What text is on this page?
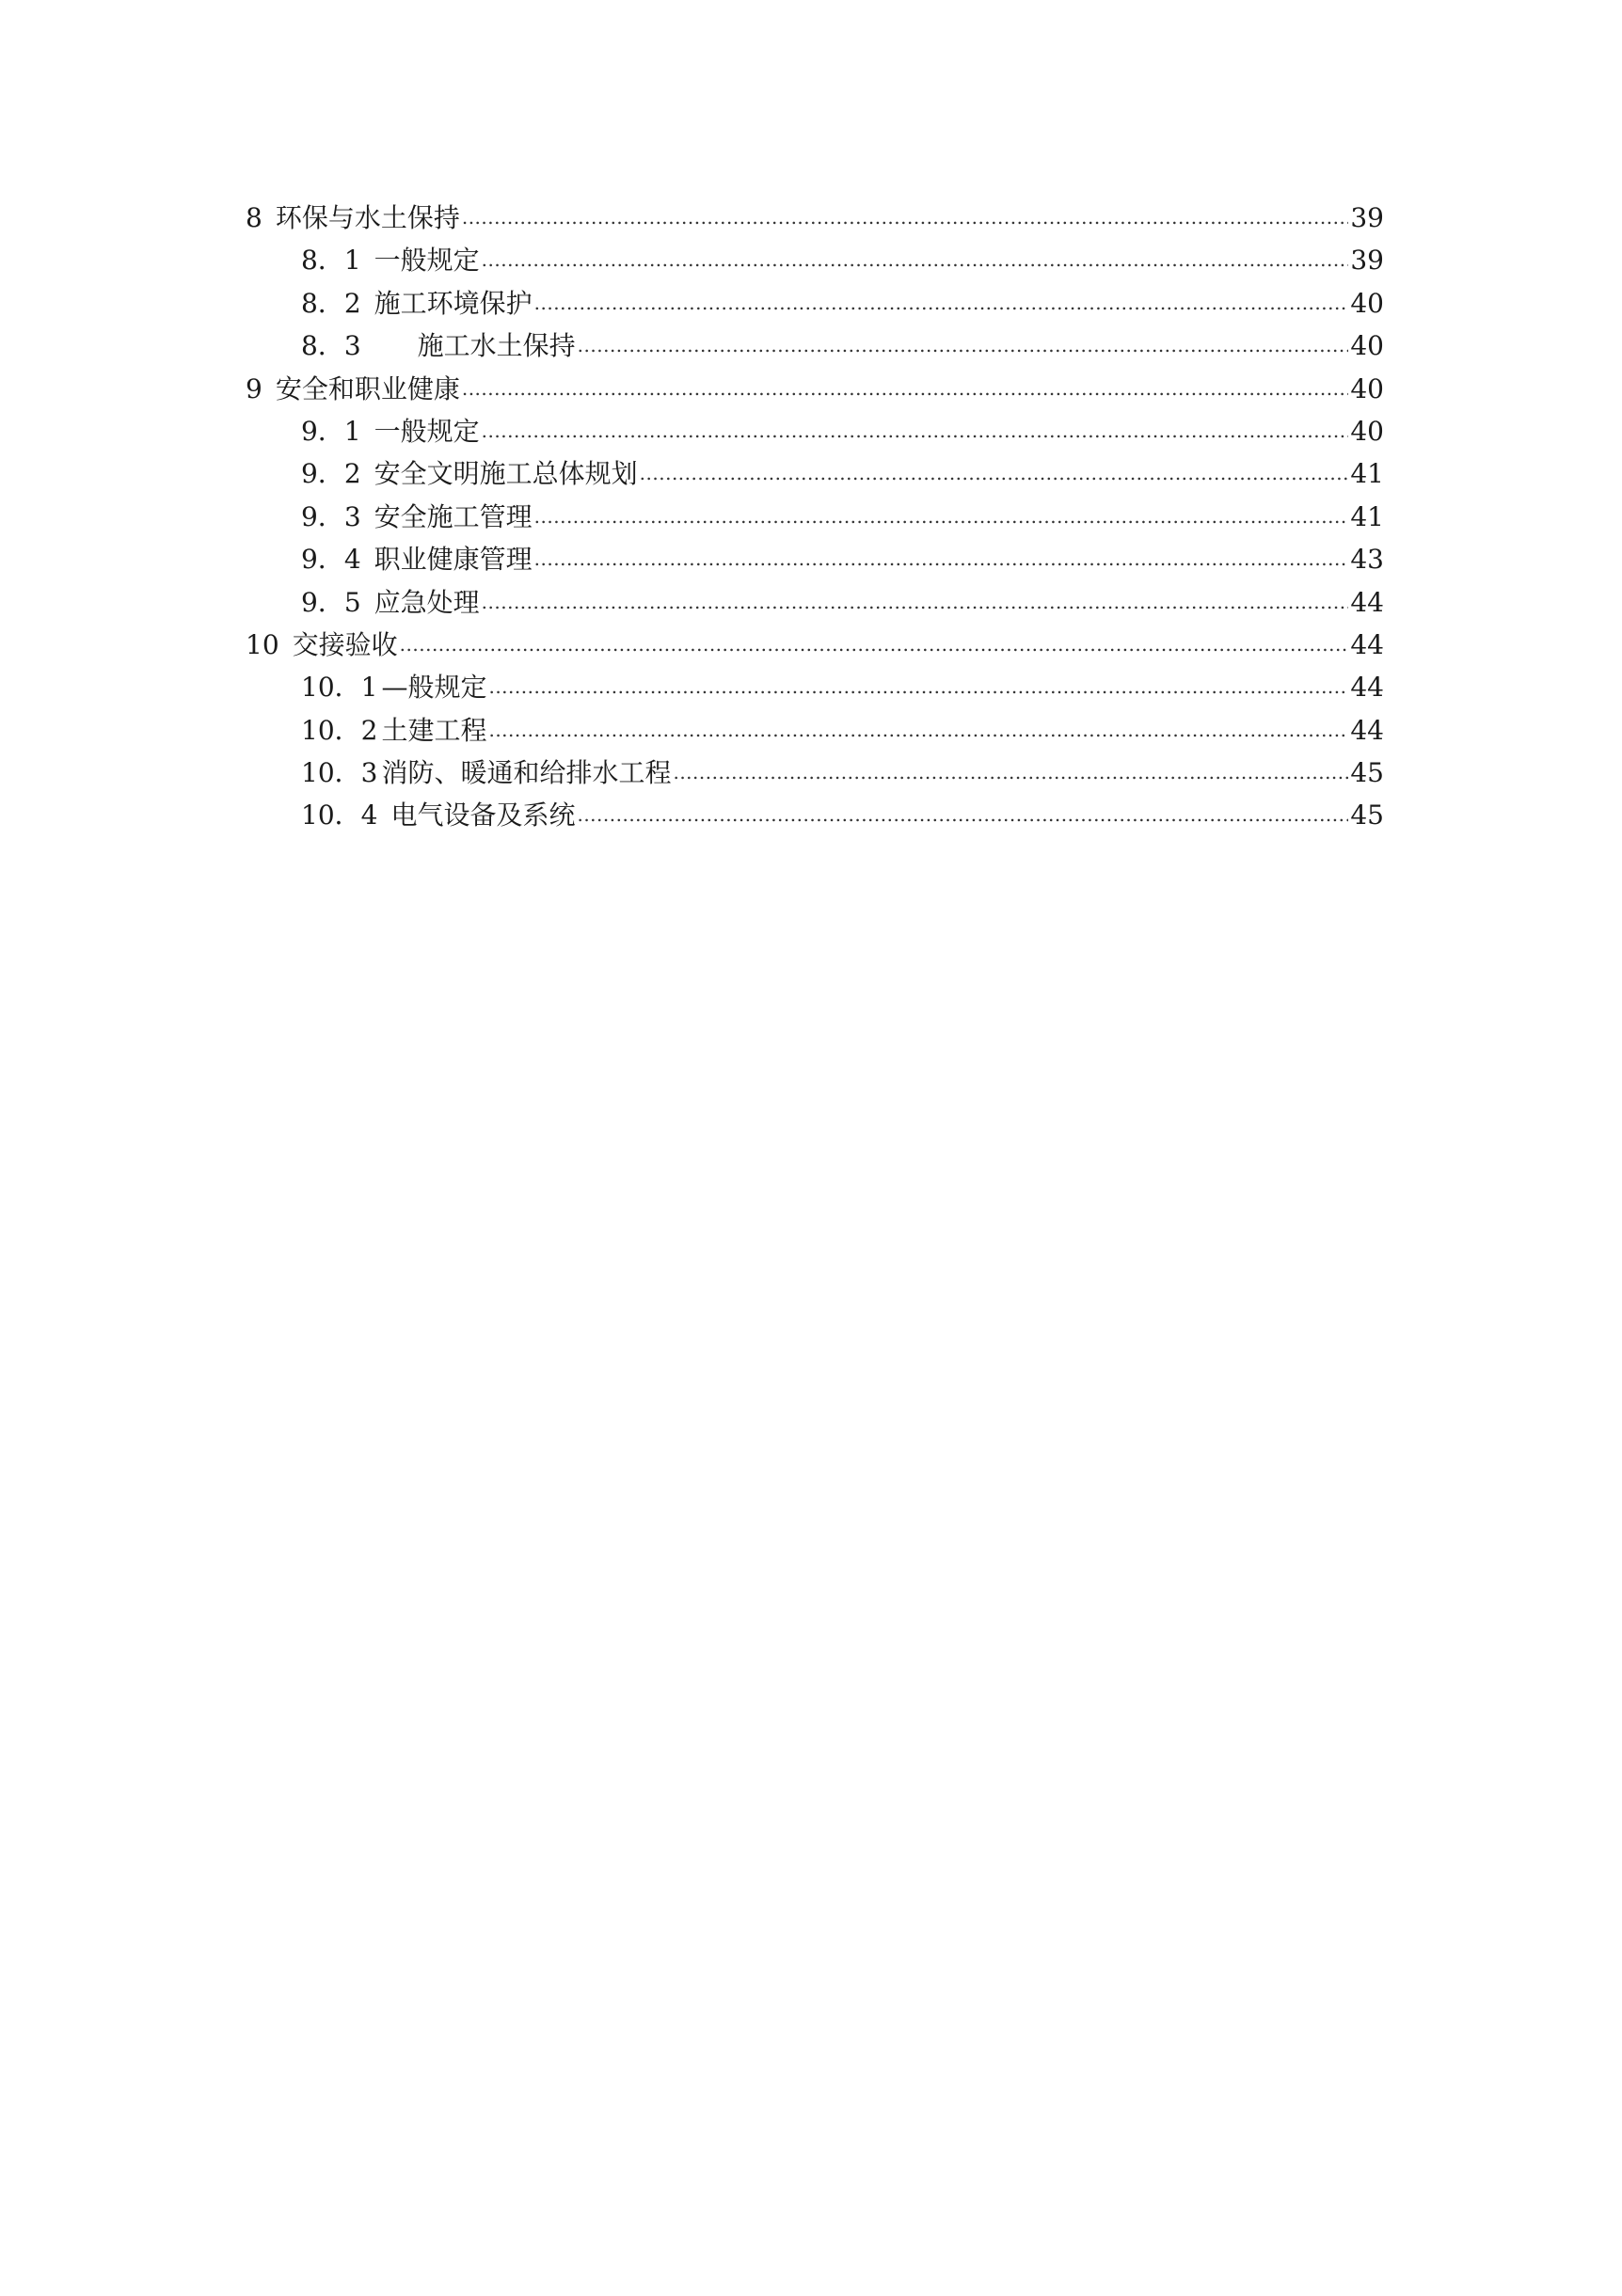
8 环保与水土保持 .....	39
8．1 一般规定 .....	39
8．2 施工环境保护 .....	40
8．3 施工水土保持 .....	40
9 安全和职业健康 .....	40
9．1 一般规定 .....	40
9．2 安全文明施工总体规划 .....	41
9．3 安全施工管理 .....	41
9．4 职业健康管理 .....	43
9．5 应急处理 .....	44
10 交接验收 .....	44
10．1 —般规定 .....	44
10．2 土建工程 .....	44
10．3 消防、暖通和给排水工程 .....	45
10．4 电气设备及系统 .....	45
